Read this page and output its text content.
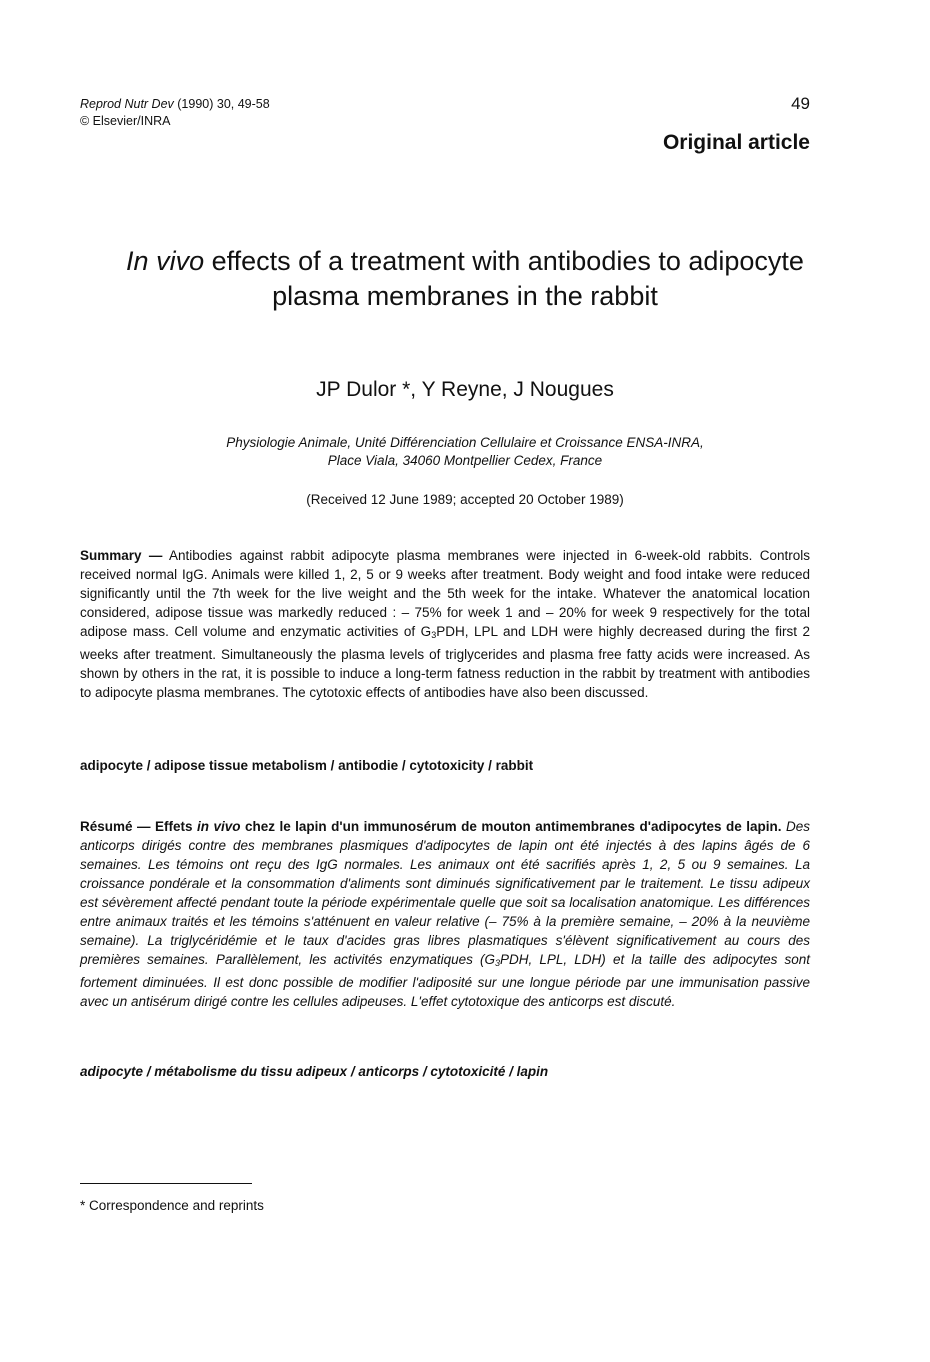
Reprod Nutr Dev (1990) 30, 49-58
© Elsevier/INRA
49
Original article
In vivo effects of a treatment with antibodies to adipocyte
plasma membranes in the rabbit
JP Dulor *, Y Reyne, J Nougues
Physiologie Animale, Unité Différenciation Cellulaire et Croissance ENSA-INRA,
Place Viala, 34060 Montpellier Cedex, France
(Received 12 June 1989; accepted 20 October 1989)
Summary — Antibodies against rabbit adipocyte plasma membranes were injected in 6-week-old rabbits. Controls received normal IgG. Animals were killed 1, 2, 5 or 9 weeks after treatment. Body weight and food intake were reduced significantly until the 7th week for the live weight and the 5th week for the intake. Whatever the anatomical location considered, adipose tissue was markedly reduced : – 75% for week 1 and – 20% for week 9 respectively for the total adipose mass. Cell volume and enzymatic activities of $G_3PDH$, LPL and LDH were highly decreased during the first 2 weeks after treatment. Simultaneously the plasma levels of triglycerides and plasma free fatty acids were increased. As shown by others in the rat, it is possible to induce a long-term fatness reduction in the rabbit by treatment with antibodies to adipocyte plasma membranes. The cytotoxic effects of antibodies have also been discussed.
adipocyte / adipose tissue metabolism / antibodie / cytotoxicity / rabbit
Résumé — Effets in vivo chez le lapin d'un immunosérum de mouton antimembranes d'adipocytes de lapin. Des anticorps dirigés contre des membranes plasmiques d'adipocytes de lapin ont été injectés à des lapins âgés de 6 semaines. Les témoins ont reçu des IgG normales. Les animaux ont été sacrifiés après 1, 2, 5 ou 9 semaines. La croissance pondérale et la consommation d'aliments sont diminués significativement par le traitement. Le tissu adipeux est sévèrement affecté pendant toute la période expérimentale quelle que soit sa localisation anatomique. Les différences entre animaux traités et les témoins s'atténuent en valeur relative (– 75% à la première semaine, – 20% à la neuvième semaine). La triglycéridémie et le taux d'acides gras libres plasmatiques s'élèvent significativement au cours des premières semaines. Parallèlement, les activités enzymatiques ($G_3PDH$, LPL, LDH) et la taille des adipocytes sont fortement diminuées. Il est donc possible de modifier l'adiposité sur une longue période par une immunisation passive avec un antisérum dirigé contre les cellules adipeuses. L'effet cytotoxique des anticorps est discuté.
adipocyte / métabolisme du tissu adipeux / anticorps / cytotoxicité / lapin
* Correspondence and reprints
